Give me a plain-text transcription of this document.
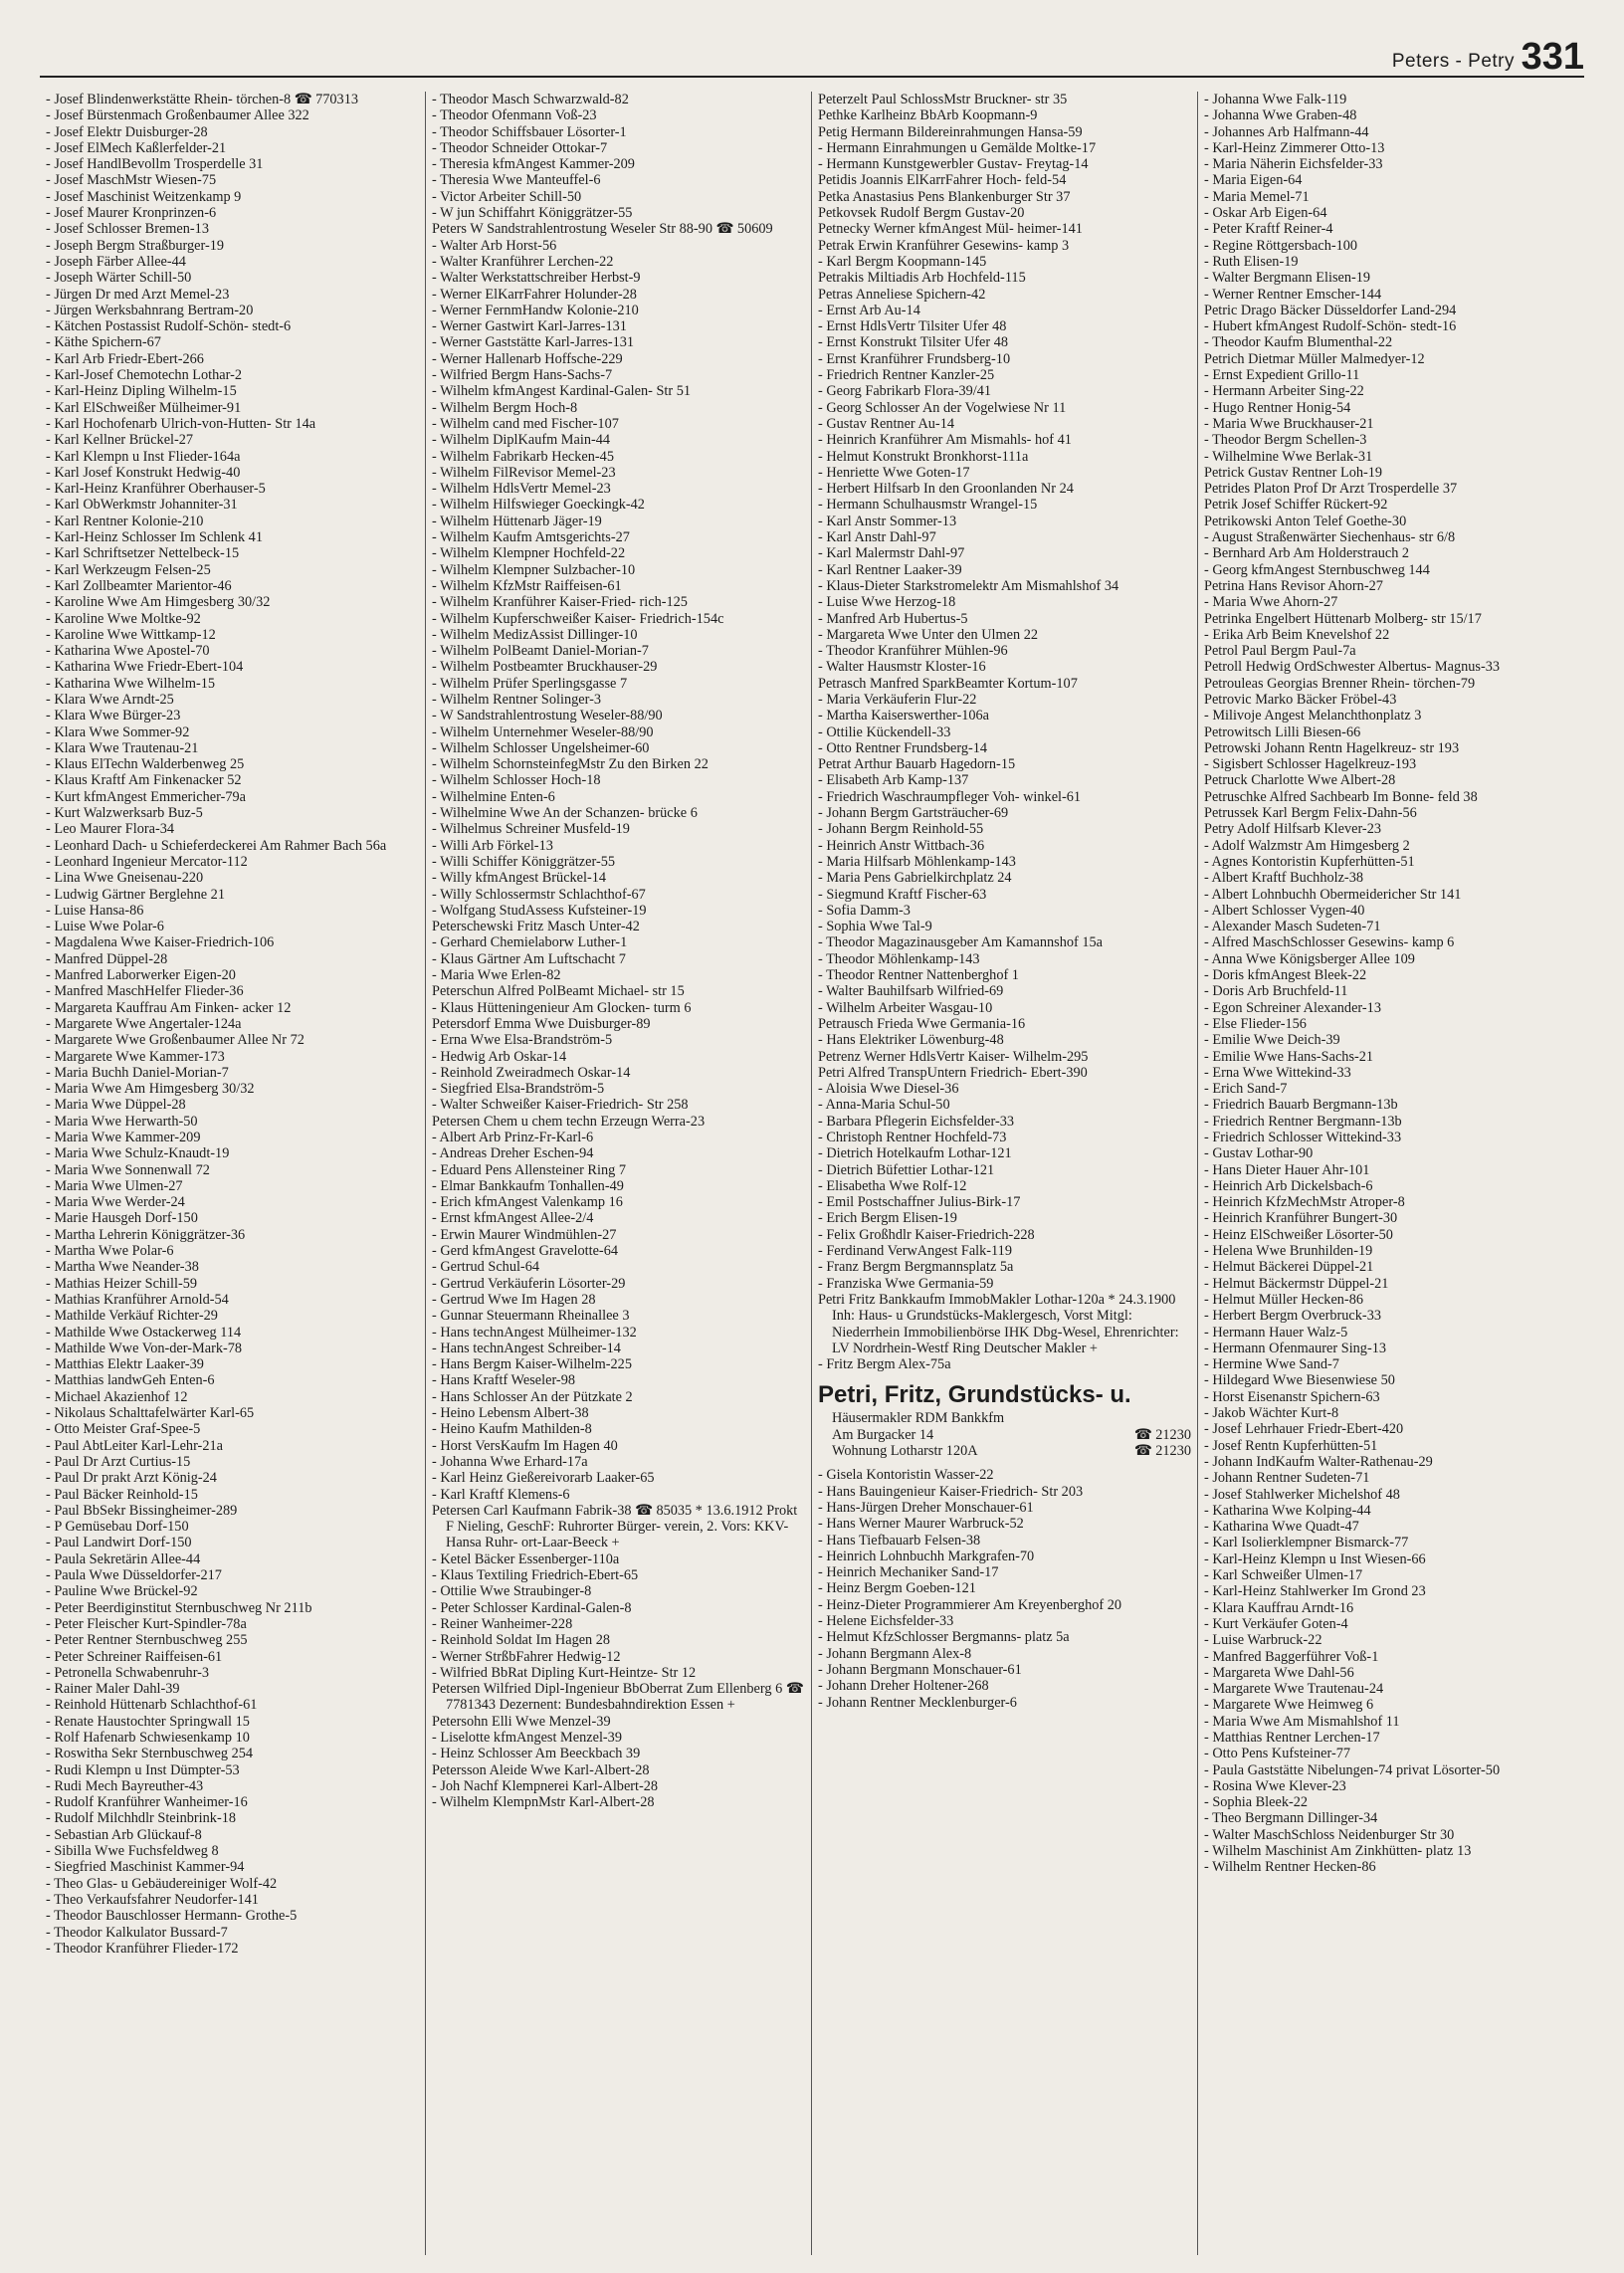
Peters - Petry 331
- Josef Blindenwerkstätte Rhein- törchen-8 ☎ 770313
- Josef Bürstenmach Großenbaumer Allee 322
- Josef Elektr Duisburger-28
- Josef ElMech Kaßlerfelder-21
- Josef HandlBevollm Trosperdelle 31
- Josef MaschMstr Wiesen-75
- Josef Maschinist Weitzenkamp 9
- Josef Maurer Kronprinzen-6
- Josef Schlosser Bremen-13
- Joseph Bergm Straßburger-19
- Joseph Färber Allee-44
- Joseph Wärter Schill-50
- Jürgen Dr med Arzt Memel-23
- Jürgen Werksbahnrang Bertram-20
- Kätchen Postassist Rudolf-Schön- stedt-6
- Käthe Spichern-67
- Karl Arb Friedr-Ebert-266
- Karl-Josef Chemotechn Lothar-2
- Karl-Heinz Dipling Wilhelm-15
- Karl ElSchweißer Mülheimer-91
- Karl Hochofenarb Ulrich-von-Hutten- Str 14a
- Karl Kellner Brückel-27
- Karl Klempn u Inst Flieder-164a
- Karl Josef Konstrukt Hedwig-40
- Karl-Heinz Kranführer Oberhauser-5
- Karl ObWerkmstr Johanniter-31
- Karl Rentner Kolonie-210
- Karl-Heinz Schlosser Im Schlenk 41
- Karl Schriftsetzer Nettelbeck-15
- Karl Werkzeugm Felsen-25
- Karl Zollbeamter Marientor-46
- Karoline Wwe Am Himgesberg 30/32
- Karoline Wwe Moltke-92
- Karoline Wwe Wittkamp-12
- Katharina Wwe Apostel-70
- Katharina Wwe Friedr-Ebert-104
- Katharina Wwe Wilhelm-15
- Klara Wwe Arndt-25
- Klara Wwe Bürger-23
- Klara Wwe Sommer-92
- Klara Wwe Trautenau-21
- Klaus ElTechn Walderbenweg 25
- Klaus Kraftf Am Finkenacker 52
- Kurt kfmAngest Emmericher-79a
- Kurt Walzwerksarb Buz-5
- Leo Maurer Flora-34
- Leonhard Dach- u Schieferdeckerei Am Rahmer Bach 56a
- Leonhard Ingenieur Mercator-112
- Lina Wwe Gneisenau-220
- Ludwig Gärtner Berglehne 21
- Luise Hansa-86
- Luise Wwe Polar-6
- Magdalena Wwe Kaiser-Friedrich-106
- Manfred Düppel-28
- Manfred Laborwerker Eigen-20
- Manfred MaschHelfer Flieder-36
- Margareta Kauffrau Am Finken- acker 12
- Margarete Wwe Angertaler-124a
- Margarete Wwe Großenbaumer Allee Nr 72
- Margarete Wwe Kammer-173
- Maria Buchh Daniel-Morian-7
- Maria Wwe Am Himgesberg 30/32
- Maria Wwe Düppel-28
- Maria Wwe Herwarth-50
- Maria Wwe Kammer-209
- Maria Wwe Schulz-Knaudt-19
- Maria Wwe Sonnenwall 72
- Maria Wwe Ulmen-27
- Maria Wwe Werder-24
- Marie Hausgeh Dorf-150
- Martha Lehrerin Königgrätzer-36
- Martha Wwe Polar-6
- Martha Wwe Neander-38
- Mathias Heizer Schill-59
- Mathias Kranführer Arnold-54
- Mathilde Verkäuf Richter-29
- Mathilde Wwe Ostackerweg 114
- Mathilde Wwe Von-der-Mark-78
- Matthias Elektr Laaker-39
- Matthias landwGeh Enten-6
- Michael Akazienhof 12
- Nikolaus Schalttafelwärter Karl-65
- Otto Meister Graf-Spee-5
- Paul AbtLeiter Karl-Lehr-21a
- Paul Dr Arzt Curtius-15
- Paul Dr prakt Arzt König-24
- Paul Bäcker Reinhold-15
- Paul BbSekr Bissingheimer-289
- P Gemüsebau Dorf-150
- Paul Landwirt Dorf-150
- Paula Sekretärin Allee-44
- Paula Wwe Düsseldorfer-217
- Pauline Wwe Brückel-92
- Peter Beerdiginstitut Sternbuschweg Nr 211b
- Peter Fleischer Kurt-Spindler-78a
- Peter Rentner Sternbuschweg 255
- Peter Schreiner Raiffeisen-61
- Petronella Schwabenruhr-3
- Rainer Maler Dahl-39
- Reinhold Hüttenarb Schlachthof-61
- Renate Haustochter Springwall 15
- Rolf Hafenarb Schwiesenkamp 10
- Roswitha Sekr Sternbuschweg 254
- Rudi Klempn u Inst Dümpter-53
- Rudi Mech Bayreuther-43
- Rudolf Kranführer Wanheimer-16
- Rudolf Milchhdlr Steinbrink-18
- Sebastian Arb Glückauf-8
- Sibilla Wwe Fuchsfeldweg 8
- Siegfried Maschinist Kammer-94
- Theo Glas- u Gebäudereiniger Wolf-42
- Theo Verkaufsfahrer Neudorfer-141
- Theodor Bauschlosser Hermann- Grothe-5
- Theodor Kalkulator Bussard-7
- Theodor Kranführer Flieder-172
- Theodor Masch Schwarzwald-82
- Theodor Ofenmann Voß-23
- Theodor Schiffsbauer Lösorter-1
- Theodor Schneider Ottokar-7
- Theresia kfmAngest Kammer-209
- Theresia Wwe Manteuffel-6
- Victor Arbeiter Schill-50
- W jun Schiffahrt Königgrätzer-55
Peters W Sandstrahlentrostung Weseler Str 88-90 ☎ 50609
- Walter Arb Horst-56
- Walter Kranführer Lerchen-22
- Walter Werkstattschreiber Herbst-9
- Werner ElKarrFahrer Holunder-28
- Werner FernmHandw Kolonie-210
- Werner Gastwirt Karl-Jarres-131
- Werner Gaststätte Karl-Jarres-131
- Werner Hallenarb Hoffsche-229
- Wilfried Bergm Hans-Sachs-7
- Wilhelm kfmAngest Kardinal-Galen- Str 51
- Wilhelm Bergm Hoch-8
- Wilhelm cand med Fischer-107
- Wilhelm DiplKaufm Main-44
- Wilhelm Fabrikarb Hecken-45
- Wilhelm FilRevisor Memel-23
- Wilhelm HdlsVertr Memel-23
- Wilhelm Hilfswieger Goeckingk-42
- Wilhelm Hüttenarb Jäger-19
- Wilhelm Kaufm Amtsgerichts-27
- Wilhelm Klempner Hochfeld-22
- Wilhelm Klempner Sulzbacher-10
- Wilhelm KfzMstr Raiffeisen-61
- Wilhelm Kranführer Kaiser-Fried- rich-125
- Wilhelm Kupferschweißer Kaiser- Friedrich-154c
- Wilhelm MedizAssist Dillinger-10
- Wilhelm PolBeamt Daniel-Morian-7
- Wilhelm Postbeamter Bruckhauser-29
- Wilhelm Prüfer Sperlingsgasse 7
- Wilhelm Rentner Solinger-3
- W Sandstrahlentrostung Weseler-88/90
- Wilhelm Unternehmer Weseler-88/90
- Wilhelm Schlosser Ungelsheimer-60
- Wilhelm SchornsteinfegMstr Zu den Birken 22
- Wilhelm Schlosser Hoch-18
- Wilhelmine Enten-6
- Wilhelmine Wwe An der Schanzen- brücke 6
- Wilhelmus Schreiner Musfeld-19
- Willi Arb Förkel-13
- Willi Schiffer Königgrätzer-55
- Willy kfmAngest Brückel-14
- Willy Schlossermstr Schlachthof-67
- Wolfgang StudAssess Kufsteiner-19
Peterschewski Fritz Masch Unter-42
- Gerhard Chemielaborw Luther-1
- Klaus Gärtner Am Luftschacht 7
- Maria Wwe Erlen-82
Peterschun Alfred PolBeamt Michael- str 15
- Klaus Hütteningenieur Am Glocken- turm 6
Petersdorf Emma Wwe Duisburger-89
- Erna Wwe Elsa-Brandström-5
- Hedwig Arb Oskar-14
- Reinhold Zweiradmech Oskar-14
- Siegfried Elsa-Brandström-5
- Walter Schweißer Kaiser-Friedrich- Str 258
Petersen Chem u chem techn Erzeugn Werra-23
- Albert Arb Prinz-Fr-Karl-6
- Andreas Dreher Eschen-94
- Eduard Pens Allensteiner Ring 7
- Elmar Bankkaufm Tonhallen-49
- Erich kfmAngest Valenkamp 16
- Ernst kfmAngest Allee-2/4
- Erwin Maurer Windmühlen-27
- Gerd kfmAngest Gravelotte-64
- Gertrud Schul-64
- Gertrud Verkäuferin Lösorter-29
- Gertrud Wwe Im Hagen 28
- Gunnar Steuermann Rheinallee 3
- Hans technAngest Mülheimer-132
- Hans technAngest Schreiber-14
- Hans Bergm Kaiser-Wilhelm-225
- Hans Kraftf Weseler-98
- Hans Schlosser An der Pützkate 2
- Heino Lebensm Albert-38
- Heino Kaufm Mathilden-8
- Horst VersKaufm Im Hagen 40
- Johanna Wwe Erhard-17a
- Karl Heinz Gießereivorarb Laaker-65
- Karl Kraftf Klemens-6
Petersen Carl Kaufmann Fabrik-38 ☎ 85035 * 13.6.1912 Prokt F Nieling, GeschF: Ruhrorter Bürger- verein, 2. Vors: KKV-Hansa Ruhr- ort-Laar-Beeck +
- Ketel Bäcker Essenberger-110a
- Klaus Textiling Friedrich-Ebert-65
- Ottilie Wwe Straubinger-8
- Peter Schlosser Kardinal-Galen-8
- Reiner Wanheimer-228
- Reinhold Soldat Im Hagen 28
- Werner StrßbFahrer Hedwig-12
- Wilfried BbRat Dipling Kurt-Heintze- Str 12
Petersen Wilfried Dipl-Ingenieur BbOberrat Zum Ellenberg 6 ☎ 7781343 Dezernent: Bundesbahndirektion Essen +
Petersohn Elli Wwe Menzel-39
- Liselotte kfmAngest Menzel-39
- Heinz Schlosser Am Beeckbach 39
Petersson Aleide Wwe Karl-Albert-28
- Joh Nachf Klempnerei Karl-Albert-28
- Wilhelm KlempnMstr Karl-Albert-28
Peterzelt Paul SchlossMstr Bruckner- str 35
Pethke Karlheinz BbArb Koopmann-9
Petig Hermann Bildereinrahmungen Hansa-59
- Hermann Einrahmungen u Gemälde Moltke-17
- Hermann Kunstgewerbler Gustav- Freytag-14
Petidis Joannis ElKarrFahrer Hoch- feld-54
Petka Anastasius Pens Blankenburger Str 37
Petkovsek Rudolf Bergm Gustav-20
Petnecky Werner kfmAngest Mül- heimer-141
Petrak Erwin Kranführer Gesewins- kamp 3
- Karl Bergm Koopmann-145
Petrakis Miltiadis Arb Hochfeld-115
Petras Anneliese Spichern-42
- Ernst Arb Au-14
- Ernst HdlsVertr Tilsiter Ufer 48
- Ernst Konstrukt Tilsiter Ufer 48
- Ernst Kranführer Frundsberg-10
- Friedrich Rentner Kanzler-25
- Georg Fabrikarb Flora-39/41
- Georg Schlosser An der Vogelwiese Nr 11
- Gustav Rentner Au-14
- Heinrich Kranführer Am Mismahls- hof 41
- Helmut Konstrukt Bronkhorst-111a
- Henriette Wwe Goten-17
- Herbert Hilfsarb In den Groonlanden Nr 24
- Hermann Schulhausmstr Wrangel-15
- Karl Anstr Sommer-13
- Karl Anstr Dahl-97
- Karl Malermstr Dahl-97
- Karl Rentner Laaker-39
- Klaus-Dieter Starkstromelektr Am Mismahlshof 34
- Luise Wwe Herzog-18
- Manfred Arb Hubertus-5
- Margareta Wwe Unter den Ulmen 22
- Theodor Kranführer Mühlen-96
- Walter Hausmstr Kloster-16
Petrasch Manfred SparkBeamter Kortum-107
- Maria Verkäuferin Flur-22
- Martha Kaiserswerther-106a
- Ottilie Kückendell-33
- Otto Rentner Frundsberg-14
Petrat Arthur Bauarb Hagedorn-15
- Elisabeth Arb Kamp-137
- Friedrich Waschraumpfleger Voh- winkel-61
- Johann Bergm Gartsträucher-69
- Johann Bergm Reinhold-55
- Heinrich Anstr Wittbach-36
- Maria Hilfsarb Möhlenkamp-143
- Maria Pens Gabrielkirchplatz 24
- Siegmund Kraftf Fischer-63
- Sofia Damm-3
- Sophia Wwe Tal-9
- Theodor Magazinausgeber Am Kamannshof 15a
- Theodor Möhlenkamp-143
- Theodor Rentner Nattenberghof 1
- Walter Bauhilfsarb Wilfried-69
- Wilhelm Arbeiter Wasgau-10
Petrausch Frieda Wwe Germania-16
- Hans Elektriker Löwenburg-48
Petrenz Werner HdlsVertr Kaiser- Wilhelm-295
Petri Alfred TranspUntern Friedrich- Ebert-390
- Aloisia Wwe Diesel-36
- Anna-Maria Schul-50
- Barbara Pflegerin Eichsfelder-33
- Christoph Rentner Hochfeld-73
- Dietrich Hotelkaufm Lothar-121
- Dietrich Büfettier Lothar-121
- Elisabetha Wwe Rolf-12
- Emil Postschaffner Julius-Birk-17
- Erich Bergm Elisen-19
- Felix Großhdlr Kaiser-Friedrich-228
- Ferdinand VerwAngest Falk-119
- Franz Bergm Bergmannsplatz 5a
- Franziska Wwe Germania-59
Petri Fritz Bankkaufm ImmobMakler Lothar-120a * 24.3.1900 Inh: Haus- u Grundstücks-Maklergesch, Vorst Mitgl: Niederrhein Immobilienbörse IHK Dbg-Wesel, Ehrenrichter: LV Nordrhein-Westf Ring Deutscher Makler +
- Fritz Bergm Alex-75a
Petri, Fritz, Grundstücks- u.
Häusermakler RDM Bankkfm
Am Burgacker 14	☎ 21230
Wohnung Lotharstr 120A	☎ 21230
- Gisela Kontoristin Wasser-22
- Hans Bauingenieur Kaiser-Friedrich- Str 203
- Hans-Jürgen Dreher Monschauer-61
- Hans Werner Maurer Warbruck-52
- Hans Tiefbauarb Felsen-38
- Heinrich Lohnbuchh Markgrafen-70
- Heinrich Mechaniker Sand-17
- Heinz Bergm Goeben-121
- Heinz-Dieter Programmierer Am Kreyenberghof 20
- Helene Eichsfelder-33
- Helmut KfzSchlosser Bergmanns- platz 5a
- Johann Bergmann Alex-8
- Johann Bergmann Monschauer-61
- Johann Dreher Holtener-268
- Johann Rentner Mecklenburger-6
- Johanna Wwe Falk-119
- Johanna Wwe Graben-48
- Johannes Arb Halfmann-44
- Karl-Heinz Zimmerer Otto-13
- Maria Näherin Eichsfelder-33
- Maria Eigen-64
- Maria Memel-71
- Oskar Arb Eigen-64
- Peter Kraftf Reiner-4
- Regine Röttgersbach-100
- Ruth Elisen-19
- Walter Bergmann Elisen-19
- Werner Rentner Emscher-144
Petric Drago Bäcker Düsseldorfer Land-294
- Hubert kfmAngest Rudolf-Schön- stedt-16
- Theodor Kaufm Blumenthal-22
Petrich Dietmar Müller Malmedyer-12
- Ernst Expedient Grillo-11
- Hermann Arbeiter Sing-22
- Hugo Rentner Honig-54
- Maria Wwe Bruckhauser-21
- Theodor Bergm Schellen-3
- Wilhelmine Wwe Berlak-31
Petrick Gustav Rentner Loh-19
Petrides Platon Prof Dr Arzt Trosperdelle 37
Petrik Josef Schiffer Rückert-92
Petrikowski Anton Telef Goethe-30
- August Straßenwärter Siechenhaus- str 6/8
- Bernhard Arb Am Holderstrauch 2
- Georg kfmAngest Sternbuschweg 144
Petrina Hans Revisor Ahorn-27
- Maria Wwe Ahorn-27
Petrinka Engelbert Hüttenarb Molberg- str 15/17
- Erika Arb Beim Knevelshof 22
Petrol Paul Bergm Paul-7a
Petroll Hedwig OrdSchwester Albertus- Magnus-33
Petrouleas Georgias Brenner Rhein- törchen-79
Petrovic Marko Bäcker Fröbel-43
- Milivoje Angest Melanchthonplatz 3
Petrowitsch Lilli Biesen-66
Petrowski Johann Rentn Hagelkreuz- str 193
- Sigisbert Schlosser Hagelkreuz-193
Petruck Charlotte Wwe Albert-28
Petruschke Alfred Sachbearb Im Bonne- feld 38
Petrussek Karl Bergm Felix-Dahn-56
Petry Adolf Hilfsarb Klever-23
- Adolf Walzmstr Am Himgesberg 2
- Agnes Kontoristin Kupferhütten-51
- Albert Kraftf Buchholz-38
- Albert Lohnbuchh Obermeidericher Str 141
- Albert Schlosser Vygen-40
- Alexander Masch Sudeten-71
- Alfred MaschSchlosser Gesewins- kamp 6
- Anna Wwe Königsberger Allee 109
- Doris kfmAngest Bleek-22
- Doris Arb Bruchfeld-11
- Egon Schreiner Alexander-13
- Else Flieder-156
- Emilie Wwe Deich-39
- Emilie Wwe Hans-Sachs-21
- Erna Wwe Wittekind-33
- Erich Sand-7
- Friedrich Bauarb Bergmann-13b
- Friedrich Rentner Bergmann-13b
- Friedrich Schlosser Wittekind-33
- Gustav Lothar-90
- Hans Dieter Hauer Ahr-101
- Heinrich Arb Dickelsbach-6
- Heinrich KfzMechMstr Atroper-8
- Heinrich Kranführer Bungert-30
- Heinz ElSchweißer Lösorter-50
- Helena Wwe Brunhilden-19
- Helmut Bäckerei Düppel-21
- Helmut Bäckermstr Düppel-21
- Helmut Müller Hecken-86
- Herbert Bergm Overbruck-33
- Hermann Hauer Walz-5
- Hermann Ofenmaurer Sing-13
- Hermine Wwe Sand-7
- Hildegard Wwe Biesenwiese 50
- Horst Eisenanstr Spichern-63
- Jakob Wächter Kurt-8
- Josef Lehrhauer Friedr-Ebert-420
- Josef Rentn Kupferhütten-51
- Johann IndKaufm Walter-Rathenau-29
- Johann Rentner Sudeten-71
- Josef Stahlwerker Michelshof 48
- Katharina Wwe Kolping-44
- Katharina Wwe Quadt-47
- Karl Isolierklempner Bismarck-77
- Karl-Heinz Klempn u Inst Wiesen-66
- Karl Schweißer Ulmen-17
- Karl-Heinz Stahlwerker Im Grond 23
- Klara Kauffrau Arndt-16
- Kurt Verkäufer Goten-4
- Luise Warbruck-22
- Manfred Baggerführer Voß-1
- Margareta Wwe Dahl-56
- Margarete Wwe Trautenau-24
- Margarete Wwe Heimweg 6
- Maria Wwe Am Mismahlshof 11
- Matthias Rentner Lerchen-17
- Otto Pens Kufsteiner-77
- Paula Gaststätte Nibelungen-74 privat Lösorter-50
- Rosina Wwe Klever-23
- Sophia Bleek-22
- Theo Bergmann Dillinger-34
- Walter MaschSchloss Neidenburger Str 30
- Wilhelm Maschinist Am Zinkhütten- platz 13
- Wilhelm Rentner Hecken-86
